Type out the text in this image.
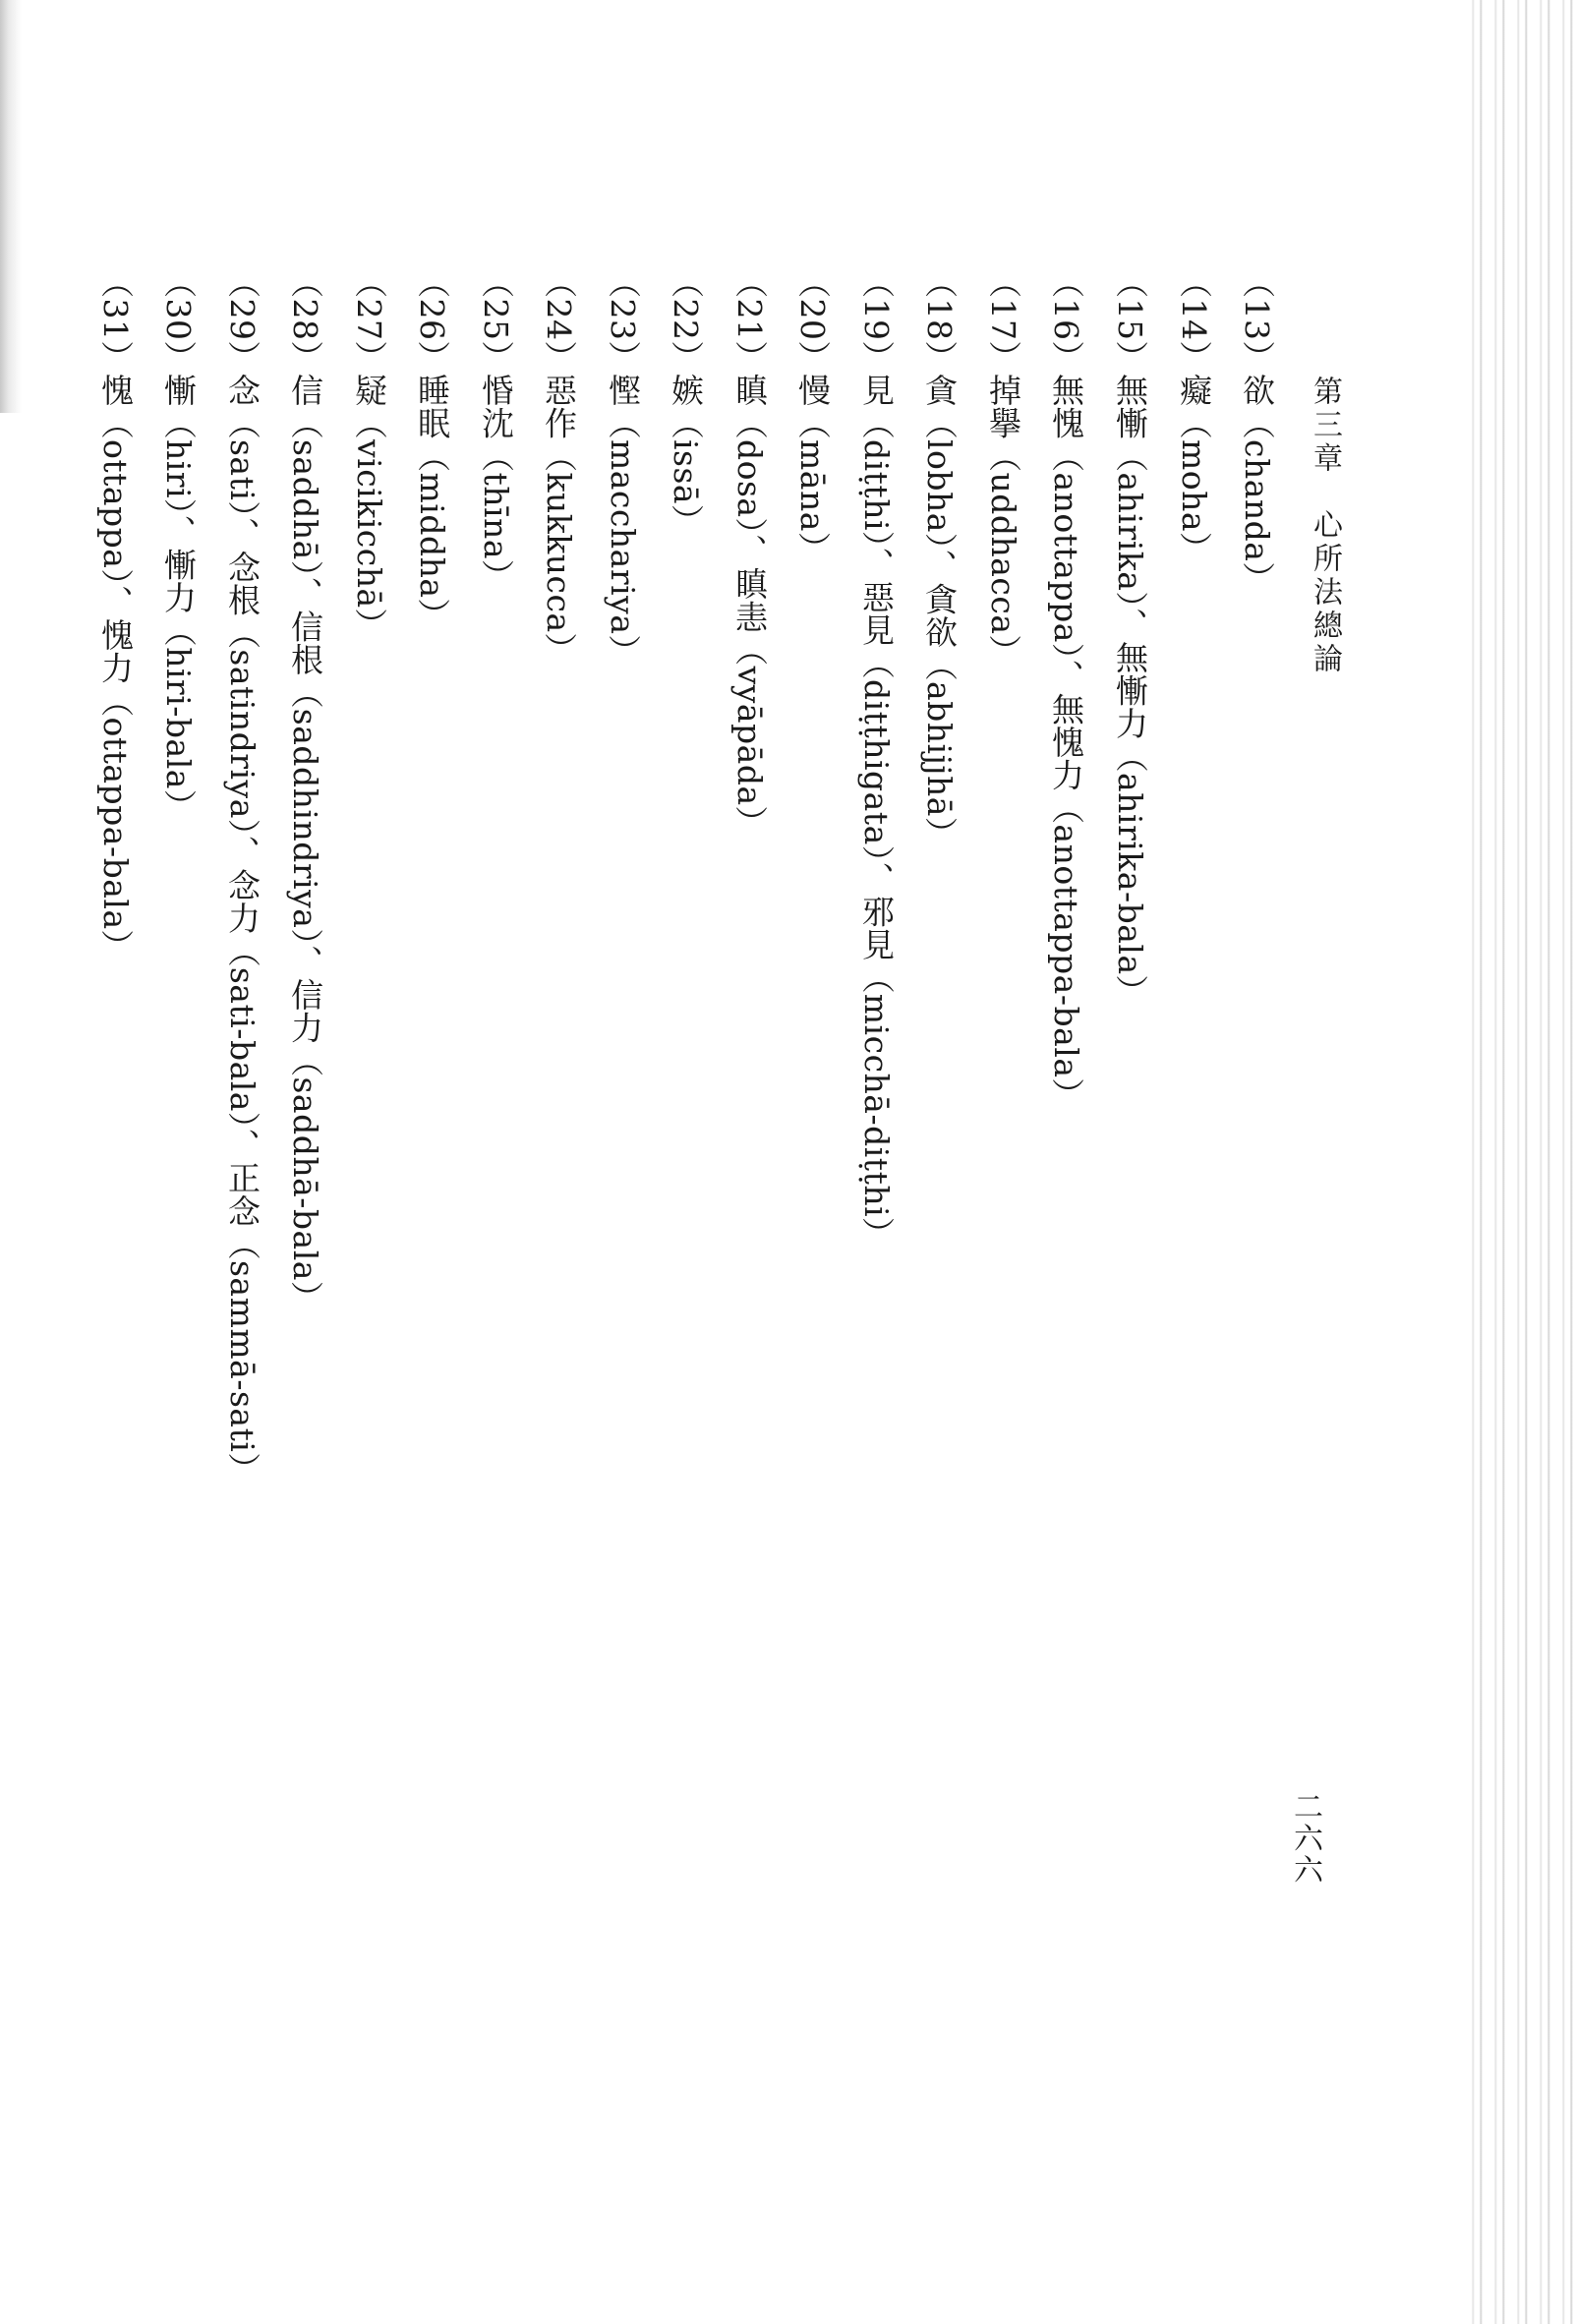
第三章　心所法總論
二六六
（13）欲（chanda）
（14）癡（moha）
（15）無慚（ahirika）、無慚力（ahirika-bala）
（16）無愧（anottappa）、無愧力（anottappa-bala）
（17）掉擧（uddhacca）
（18）貪（lobha）、貪欲（abhijjhā）
（19）見（diṭṭhi）、惡見（diṭṭhigata）、邪見（micchā-diṭṭhi）
（20）慢（māna）
（21）瞋（dosa）、瞋恚（vyāpāda）
（22）嫉（issā）
（23）慳（macchariya）
（24）惡作（kukkucca）
（25）惛沈（thīna）
（26）睡眠（middha）
（27）疑（vicikicchā）
（28）信（saddhā）、信根（saddhindriya）、信力（saddhā-bala）
（29）念（sati）、念根（satindriya）、念力（sati-bala）、正念（sammā-sati）
（30）慚（hiri）、慚力（hiri-bala）
（31）愧（ottappa）、愧力（ottappa-bala）
